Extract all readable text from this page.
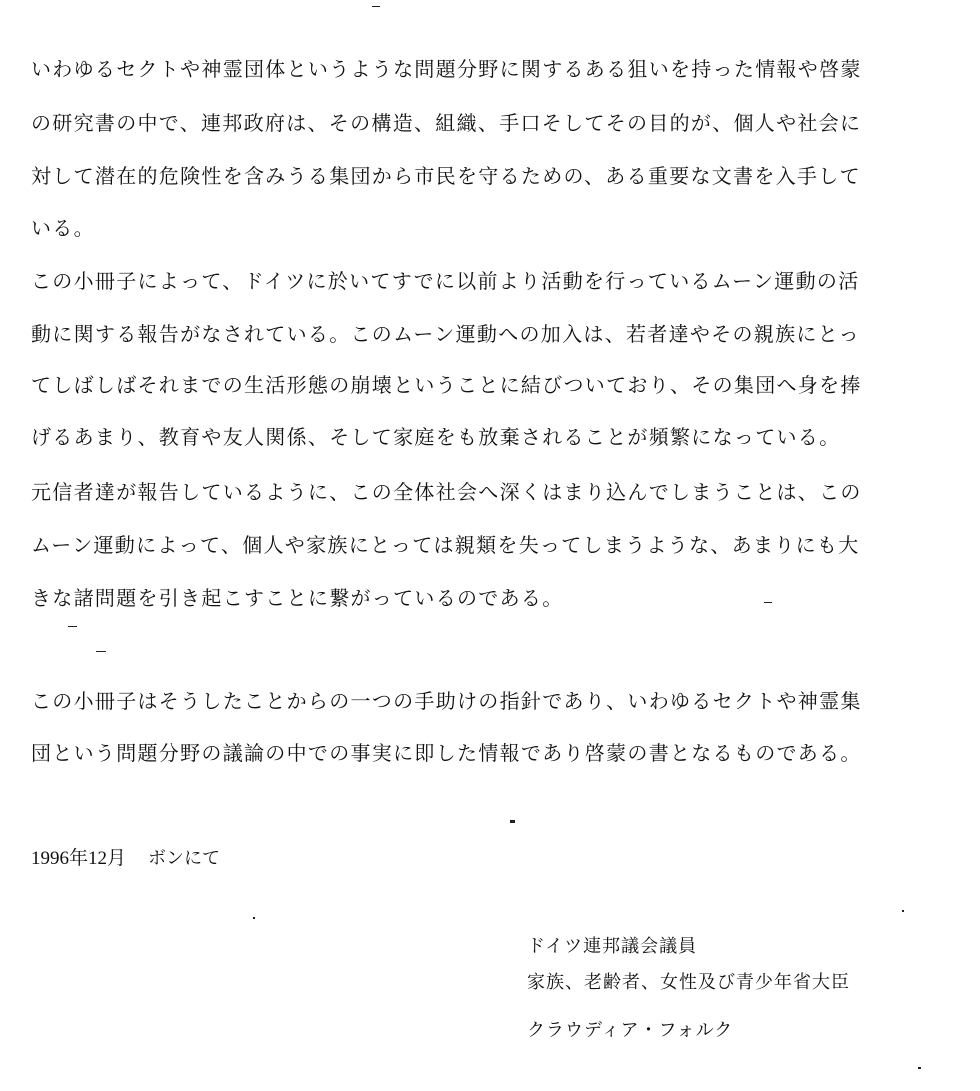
いわゆるセクトや神霊団体というような問題分野に関するある狙いを持った情報や啓蒙
の研究書の中で、連邦政府は、その構造、組織、手口そしてその目的が、個人や社会に
対して潜在的危険性を含みうる集団から市民を守るための、ある重要な文書を入手して
いる。
この小冊子によって、ドイツに於いてすでに以前より活動を行っているムーン運動の活
動に関する報告がなされている。このムーン運動への加入は、若者達やその親族にとっ
てしばしばそれまでの生活形態の崩壊ということに結びついており、その集団へ身を捧
げるあまり、教育や友人関係、そして家庭をも放棄されることが頻繁になっている。
元信者達が報告しているように、この全体社会へ深くはまり込んでしまうことは、この
ムーン運動によって、個人や家族にとっては親類を失ってしまうような、あまりにも大
きな諸問題を引き起こすことに繋がっているのである。
この小冊子はそうしたことからの一つの手助けの指針であり、いわゆるセクトや神霊集
団という問題分野の議論の中での事実に即した情報であり啓蒙の書となるものである。
1996年12月 ボンにて
ドイツ連邦議会議員
家族、老齢者、女性及び青少年省大臣
クラウディア・フォルク
